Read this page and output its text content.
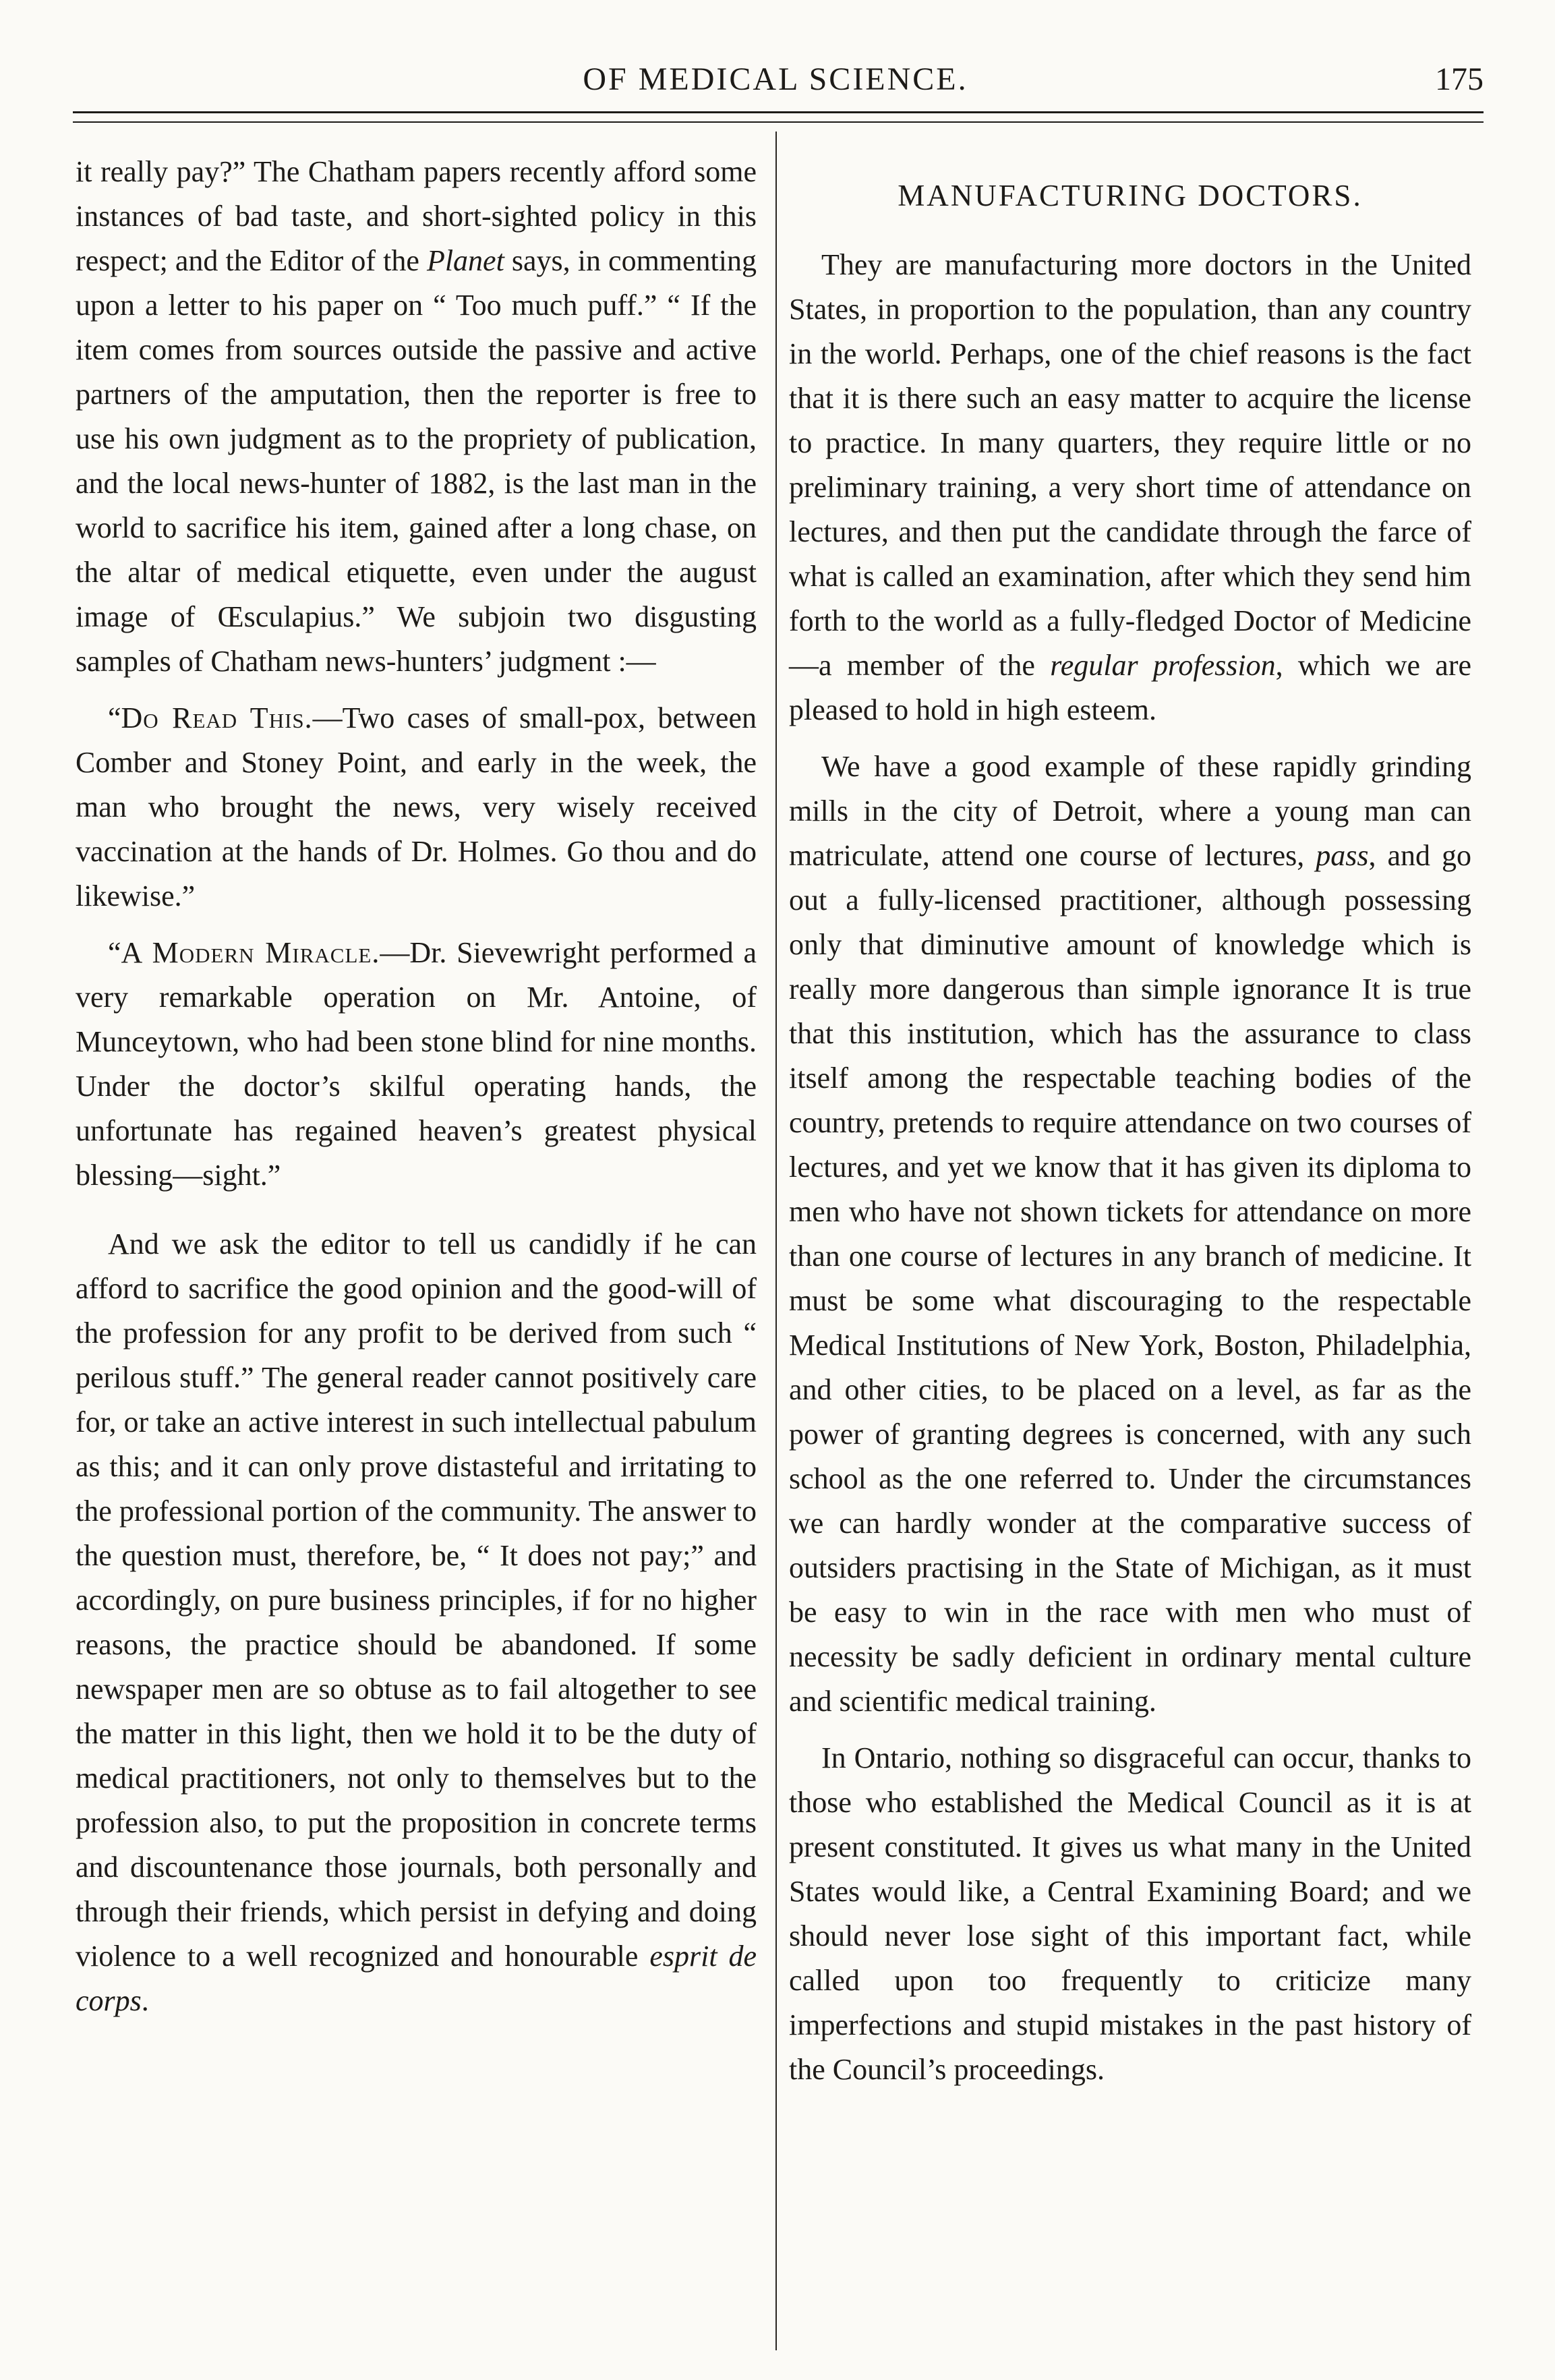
OF MEDICAL SCIENCE.	175

it really pay?” The Chatham papers recently afford some instances of bad taste, and short-sighted policy in this respect; and the Editor of the Planet says, in commenting upon a letter to his paper on “ Too much puff.” “ If the item comes from sources outside the passive and active partners of the amputation, then the reporter is free to use his own judgment as to the propriety of publication, and the local news-hunter of 1882, is the last man in the world to sacrifice his item, gained after a long chase, on the altar of medical etiquette, even under the august image of Œsculapius.” We subjoin two disgusting samples of Chatham news-hunters’ judgment :—

“Do Read This.—Two cases of small-pox, between Comber and Stoney Point, and early in the week, the man who brought the news, very wisely received vaccination at the hands of Dr. Holmes. Go thou and do likewise.”

“A Modern Miracle.—Dr. Sievewright performed a very remarkable operation on Mr. Antoine, of Munceytown, who had been stone blind for nine months. Under the doctor’s skilful operating hands, the unfortunate has regained heaven’s greatest physical blessing—sight.”

And we ask the editor to tell us candidly if he can afford to sacrifice the good opinion and the good-will of the profession for any profit to be derived from such “ perilous stuff.” The general reader cannot positively care for, or take an active interest in such intellectual pabulum as this; and it can only prove distasteful and irritating to the professional portion of the community. The answer to the question must, therefore, be, “ It does not pay;” and accordingly, on pure business principles, if for no higher reasons, the practice should be abandoned. If some newspaper men are so obtuse as to fail altogether to see the matter in this light, then we hold it to be the duty of medical practitioners, not only to themselves but to the profession also, to put the proposition in concrete terms and discountenance those journals, both personally and through their friends, which persist in defying and doing violence to a well recognized and honourable esprit de corps.

MANUFACTURING DOCTORS.

They are manufacturing more doctors in the United States, in proportion to the population, than any country in the world. Perhaps, one of the chief reasons is the fact that it is there such an easy matter to acquire the license to practice. In many quarters, they require little or no preliminary training, a very short time of attendance on lectures, and then put the candidate through the farce of what is called an examination, after which they send him forth to the world as a fully-fledged Doctor of Medicine—a member of the regular profession, which we are pleased to hold in high esteem.

We have a good example of these rapidly grinding mills in the city of Detroit, where a young man can matriculate, attend one course of lectures, pass, and go out a fully-licensed practitioner, although possessing only that diminutive amount of knowledge which is really more dangerous than simple ignorance It is true that this institution, which has the assurance to class itself among the respectable teaching bodies of the country, pretends to require attendance on two courses of lectures, and yet we know that it has given its diploma to men who have not shown tickets for attendance on more than one course of lectures in any branch of medicine. It must be some what discouraging to the respectable Medical Institutions of New York, Boston, Philadelphia, and other cities, to be placed on a level, as far as the power of granting degrees is concerned, with any such school as the one referred to. Under the circumstances we can hardly wonder at the comparative success of outsiders practising in the State of Michigan, as it must be easy to win in the race with men who must of necessity be sadly deficient in ordinary mental culture and scientific medical training.

In Ontario, nothing so disgraceful can occur, thanks to those who established the Medical Council as it is at present constituted. It gives us what many in the United States would like, a Central Examining Board; and we should never lose sight of this important fact, while called upon too frequently to criticize many imperfections and stupid mistakes in the past history of the Council’s proceedings.
